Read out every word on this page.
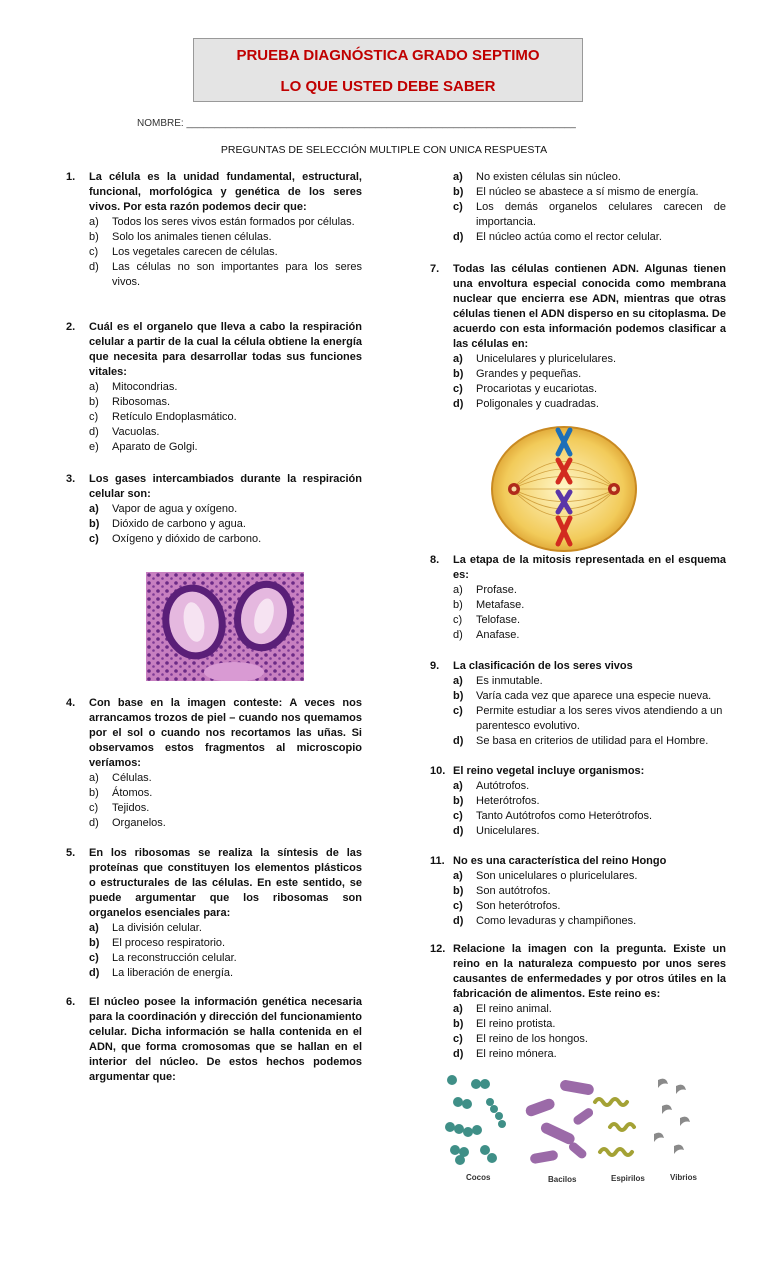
PRUEBA DIAGNÓSTICA GRADO SEPTIMO
LO QUE USTED DEBE SABER
NOMBRE: ______________________________________________________________________
PREGUNTAS DE SELECCIÓN MULTIPLE CON UNICA RESPUESTA
1.	La célula es la unidad fundamental, estructural, funcional, morfológica y genética de los seres vivos. Por esta razón podemos decir que:
a)	Todos los seres vivos están formados por células.
b)	Solo los animales tienen células.
c)	Los vegetales carecen de células.
d)	Las células no son importantes para los seres vivos.
2.	Cuál es el organelo que lleva a cabo la respiración celular a partir de la cual la célula obtiene la energía que necesita para desarrollar todas sus funciones vitales:
a)	Mitocondrias.
b)	Ribosomas.
c)	Retículo Endoplasmático.
d)	Vacuolas.
e)	Aparato de Golgi.
3.	Los gases intercambiados durante la respiración celular son:
a)	Vapor de agua y oxígeno.
b)	Dióxido de carbono y agua.
c)	Oxígeno y dióxido de carbono.
4.	Con base en la imagen conteste: A veces nos arrancamos trozos de piel – cuando nos quemamos por el sol o cuando nos recortamos las uñas. Si observamos estos fragmentos al microscopio veríamos:
a)	Células.
b)	Átomos.
c)	Tejidos.
d)	Organelos.
5.	En los ribosomas se realiza la síntesis de las proteínas que constituyen los elementos plásticos o estructurales de las células. En este sentido, se puede argumentar que los ribosomas son organelos esenciales para:
a)	La división celular.
b)	El proceso respiratorio.
c)	La reconstrucción celular.
d)	La liberación de energía.
6.	El núcleo posee la información genética necesaria para la coordinación y dirección del funcionamiento celular. Dicha información se halla contenida en el ADN, que forma cromosomas que se hallan en el interior del núcleo. De estos hechos podemos argumentar que:
a)	No existen células sin núcleo.
b)	El núcleo se abastece a sí mismo de energía.
c)	Los demás organelos celulares carecen de importancia.
d)	El núcleo actúa como el rector celular.
7.	Todas las células contienen ADN. Algunas tienen una envoltura especial conocida como membrana nuclear que encierra ese ADN, mientras que otras células tienen el ADN disperso en su citoplasma. De acuerdo con esta información podemos clasificar a las células en:
a)	Unicelulares y pluricelulares.
b)	Grandes y pequeñas.
c)	Procariotas y eucariotas.
d)	Poligonales y cuadradas.
8.	La etapa de la mitosis representada en el esquema es:
a)	Profase.
b)	Metafase.
c)	Telofase.
d)	Anafase.
9.	La clasificación de los seres vivos
a)	Es inmutable.
b)	Varía cada vez que aparece una especie nueva.
c)	Permite estudiar a los seres vivos atendiendo a un parentesco evolutivo.
d)	Se basa en criterios de utilidad para el Hombre.
10. El reino vegetal incluye organismos:
a)	Autótrofos.
b)	Heterótrofos.
c)	Tanto Autótrofos como Heterótrofos.
d)	Unicelulares.
11. No es una característica del reino Hongo
a)	Son unicelulares o pluricelulares.
b)	Son autótrofos.
c)	Son heterótrofos.
d)	Como levaduras y champiñones.
12. Relacione la imagen con la pregunta. Existe un reino en la naturaleza compuesto por unos seres causantes de enfermedades y por otros útiles en la fabricación de alimentos. Este reino es:
a)	El reino animal.
b)	El reino protista.
c)	El reino de los hongos.
d)	El reino mónera.
Cocos	Bacilos	Espirilos	Vibrios
